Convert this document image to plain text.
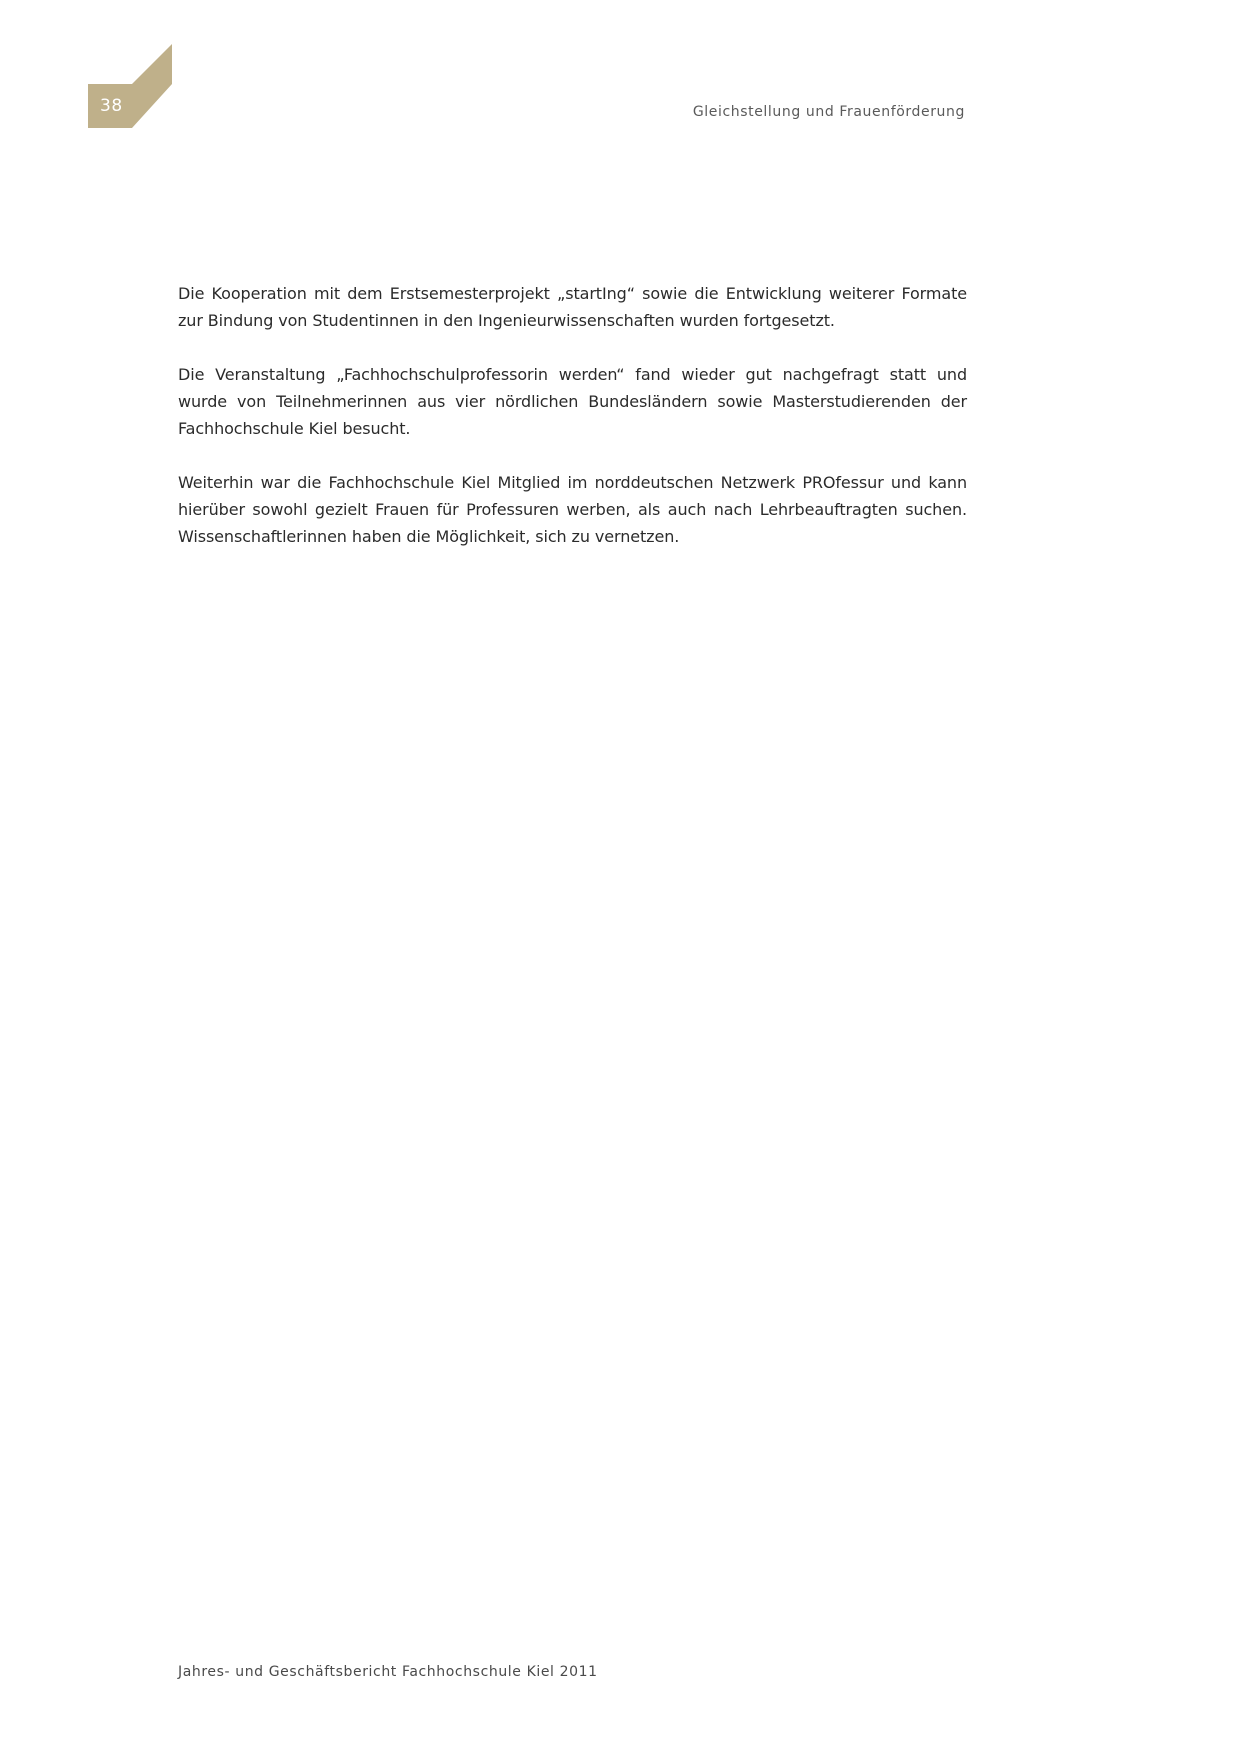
38	Gleichstellung und Frauenförderung

Die Kooperation mit dem Erstsemesterprojekt „startIng“ sowie die Entwicklung weiterer Formate zur Bindung von Studentinnen in den Ingenieurwissenschaften wurden fortgesetzt.

Die Veranstaltung „Fachhochschulprofessorin werden“ fand wieder gut nachgefragt statt und wurde von Teilnehmerinnen aus vier nördlichen Bundesländern sowie Masterstudierenden der Fachhochschule Kiel besucht.

Weiterhin war die Fachhochschule Kiel Mitglied im norddeutschen Netzwerk PROfessur und kann hierüber sowohl gezielt Frauen für Professuren werben, als auch nach Lehrbeauftragten suchen. Wissenschaftlerinnen haben die Möglichkeit, sich zu vernetzen.

Jahres- und Geschäftsbericht Fachhochschule Kiel 2011
